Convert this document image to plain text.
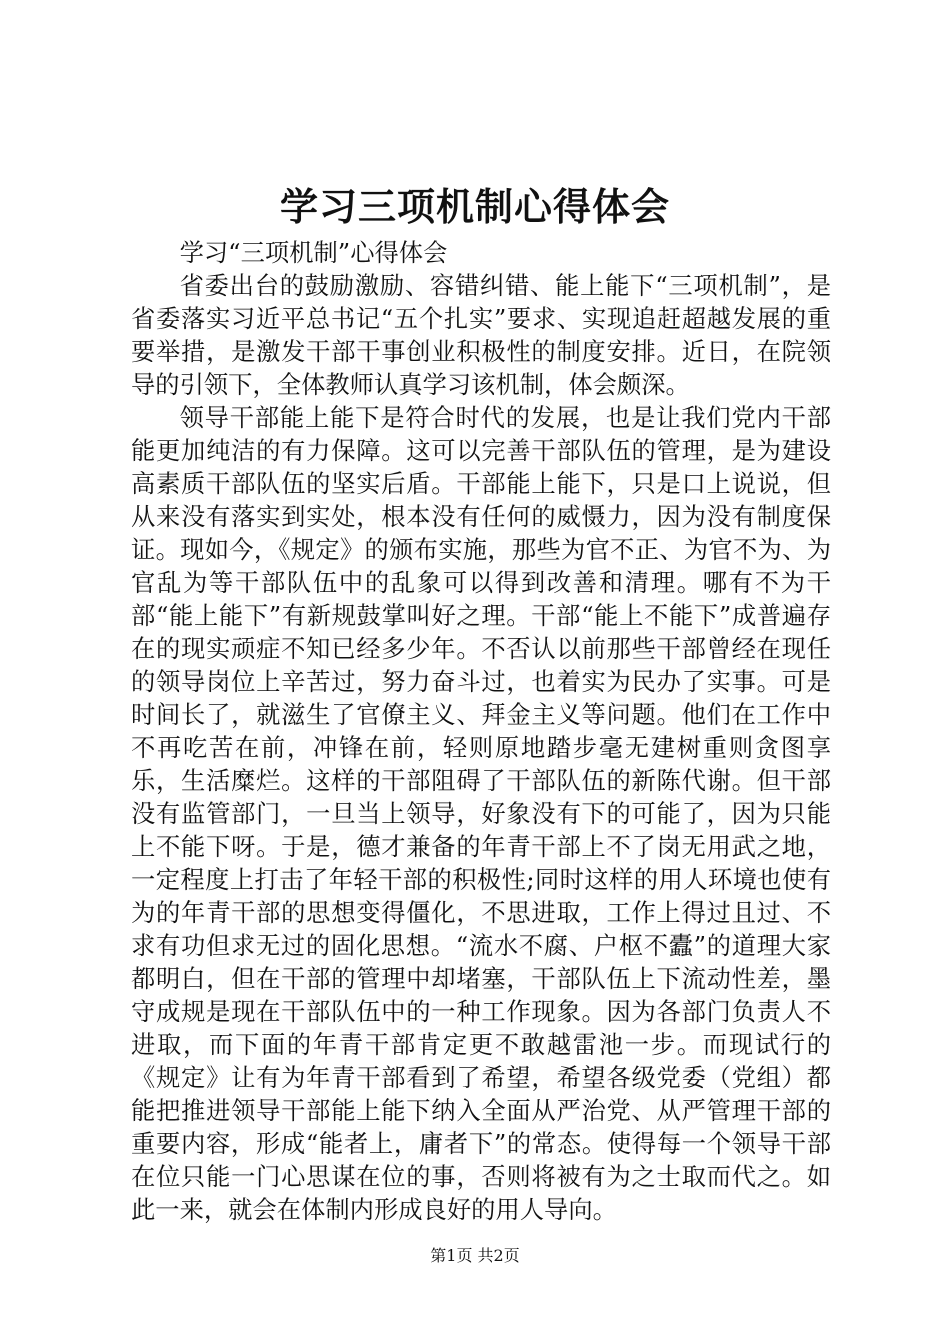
学习三项机制心得体会

学习“三项机制”心得体会

省委出台的鼓励激励、容错纠错、能上能下“三项机制”，是省委落实习近平总书记“五个扎实”要求、实现追赶超越发展的重要举措，是激发干部干事创业积极性的制度安排。近日，在院领导的引领下，全体教师认真学习该机制，体会颇深。

领导干部能上能下是符合时代的发展，也是让我们党内干部能更加纯洁的有力保障。这可以完善干部队伍的管理，是为建设高素质干部队伍的坚实后盾。干部能上能下，只是口上说说，但从来没有落实到实处，根本没有任何的威慑力，因为没有制度保证。现如今，《规定》的颁布实施，那些为官不正、为官不为、为官乱为等干部队伍中的乱象可以得到改善和清理。哪有不为干部“能上能下”有新规鼓掌叫好之理。干部“能上不能下”成普遍存在的现实顽症不知已经多少年。不否认以前那些干部曾经在现任的领导岗位上辛苦过，努力奋斗过，也着实为民办了实事。可是时间长了，就滋生了官僚主义、拜金主义等问题。他们在工作中不再吃苦在前，冲锋在前，轻则原地踏步毫无建树重则贪图享乐，生活糜烂。这样的干部阻碍了干部队伍的新陈代谢。但干部没有监管部门，一旦当上领导，好象没有下的可能了，因为只能上不能下呀。于是，德才兼备的年青干部上不了岗无用武之地，一定程度上打击了年轻干部的积极性;同时这样的用人环境也使有为的年青干部的思想变得僵化，不思进取，工作上得过且过、不求有功但求无过的固化思想。“流水不腐、户枢不蠹”的道理大家都明白，但在干部的管理中却堵塞，干部队伍上下流动性差，墨守成规是现在干部队伍中的一种工作现象。因为各部门负责人不进取，而下面的年青干部肯定更不敢越雷池一步。而现试行的《规定》让有为年青干部看到了希望，希望各级党委（党组）都能把推进领导干部能上能下纳入全面从严治党、从严管理干部的重要内容，形成“能者上，庸者下”的常态。使得每一个领导干部在位只能一门心思谋在位的事，否则将被有为之士取而代之。如此一来，就会在体制内形成良好的用人导向。

第1页 共2页
